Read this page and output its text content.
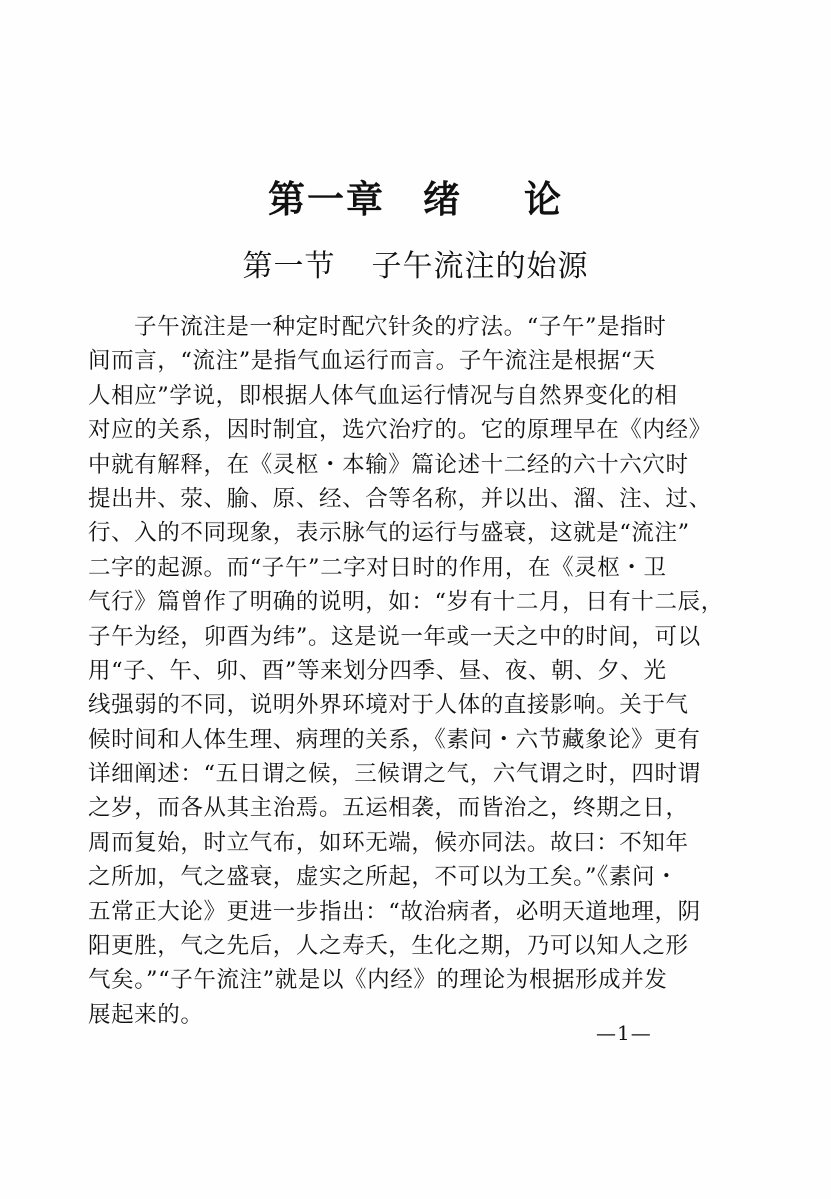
第一章 绪 论
第一节 子午流注的始源
子午流注是一种定时配穴针灸的疗法。“子午”是指时
间而言，“流注”是指气血运行而言。子午流注是根据“天
人相应”学说，即根据人体气血运行情况与自然界变化的相
对应的关系，因时制宜，选穴治疗的。它的原理早在《内经》
中就有解释，在《灵枢・本输》篇论述十二经的六十六穴时
提出井、荥、腧、原、经、合等名称，并以出、溜、注、过、
行、入的不同现象，表示脉气的运行与盛衰，这就是“流注”
二字的起源。而“子午”二字对日时的作用，在《灵枢・卫
气行》篇曾作了明确的说明，如：“岁有十二月，日有十二辰，
子午为经，卯酉为纬”。这是说一年或一天之中的时间，可以
用“子、午、卯、酉”等来划分四季、昼、夜、朝、夕、光
线强弱的不同，说明外界环境对于人体的直接影响。关于气
候时间和人体生理、病理的关系，《素问・六节藏象论》更有
详细阐述：“五日谓之候，三候谓之气，六气谓之时，四时谓
之岁，而各从其主治焉。五运相袭，而皆治之，终期之日，
周而复始，时立气布，如环无端，候亦同法。故曰：不知年
之所加，气之盛衰，虚实之所起，不可以为工矣。”《素问・
五常正大论》更进一步指出：“故治病者，必明天道地理，阴
阳更胜，气之先后，人之寿夭，生化之期，乃可以知人之形
气矣。”“子午流注”就是以《内经》的理论为根据形成并发
展起来的。
—1—
